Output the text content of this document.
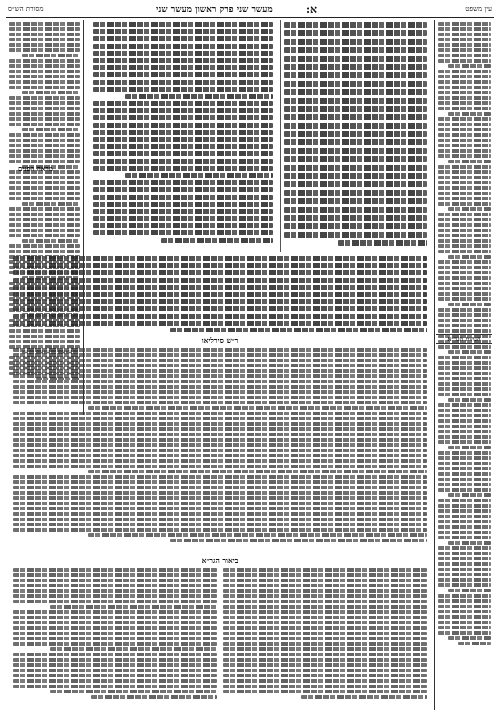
עין משפט
א:
מעשר שני פרק ראשון מעשר שני
מסורת הש״ס
ר״ש סירליאו
ביאור הגר״א
הגהות הגר״א
מראה הפנים
